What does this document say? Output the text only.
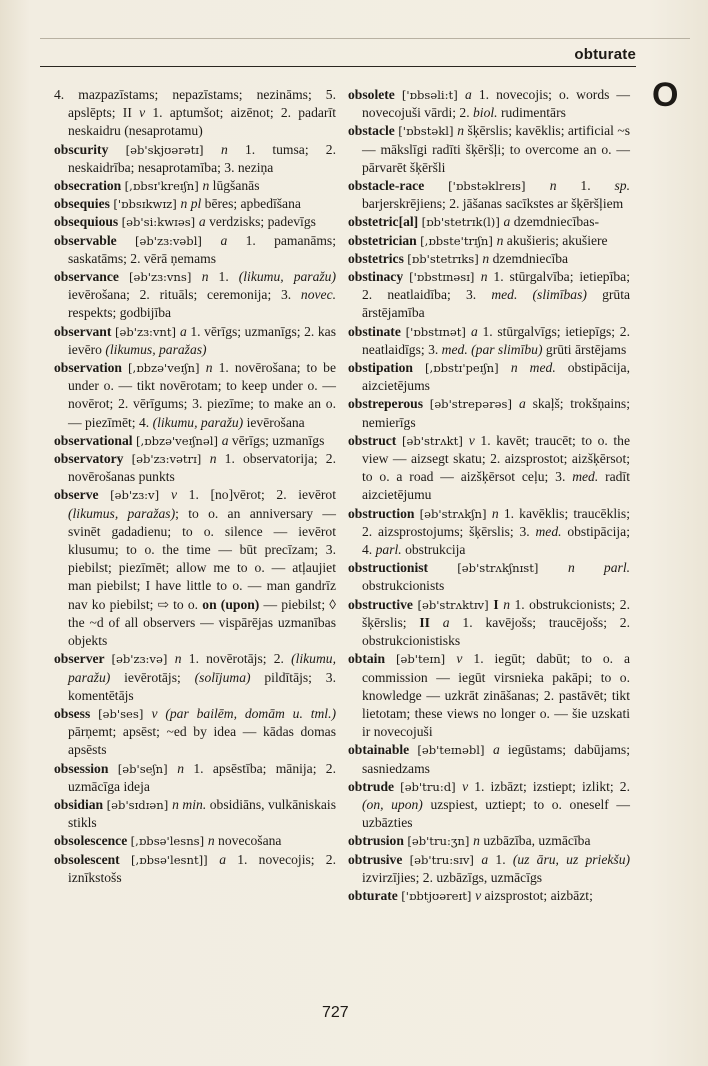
obturate
O

4. mazpazīstams; nepazīstams; nezināms; 5. apslēpts; II v 1. aptumšot; aizēnot; 2. padarīt neskaidru (nesaprotamu)

obscurity [əb'skjʊərətɪ] n 1. tumsa; 2. neskaidrība; nesaprotamība; 3. neziņa

obsecration [,ɒbsɪ'kreɪʃn] n lūgšanās

obsequies ['ɒbsɪkwɪz] n pl bēres; apbedīšana

obsequious [əb'si:kwɪəs] a verdzisks; padevīgs

observable [əb'zɜ:vəbl] a 1. pamanāms; saskatāms; 2. vērā ņemams

observance [əb'zɜ:vns] n 1. (likumu, paražu) ievērošana; 2. rituāls; ceremonija; 3. novec. respekts; godbijība

observant [əb'zɜ:vnt] a 1. vērīgs; uzmanīgs; 2. kas ievēro (likumus, paražas)

observation [,ɒbzə'veɪʃn] n 1. novērošana; to be under o. — tikt novērotam; to keep under o. — novērot; 2. vērīgums; 3. piezīme; to make an o. — piezīmēt; 4. (likumu, paražu) ievērošana

observational [,ɒbzə'veɪʃnəl] a vērīgs; uzmanīgs

observatory [əb'zɜ:vətrɪ] n 1. observatorija; 2. novērošanas punkts

observe [əb'zɜ:v] v 1. [no]vērot; 2. ievērot (likumus, paražas); to o. an anniversary — svinēt gadadienu; to o. silence — ievērot klusumu; to o. the time — būt precīzam; 3. piebilst; piezīmēt; allow me to o. — atļaujiet man piebilst; I have little to o. — man gandrīz nav ko piebilst; ⇨ to o. on (upon) — piebilst; ◊ the ~d of all observers — vispārējas uzmanības objekts

observer [əb'zɜ:və] n 1. novērotājs; 2. (likumu, paražu) ievērotājs; (solījuma) pildītājs; 3. komentētājs

obsess [əb'ses] v (par bailēm, domām u. tml.) pārņemt; apsēst; ~ed by idea — kādas domas apsēsts

obsession [əb'seʃn] n 1. apsēstība; mānija; 2. uzmācīga ideja

obsidian [əb'sɪdɪən] n min. obsidiāns, vulkāniskais stikls

obsolescence [,ɒbsə'lesns] n novecošana

obsolescent [,ɒbsə'lesnt]] a 1. novecojis; 2. iznīkstošs

obsolete ['ɒbsəli:t] a 1. novecojis; o. words — novecojuši vārdi; 2. biol. rudimentārs

obstacle ['ɒbstəkl] n šķērslis; kavēklis; artificial ~s — mākslīgi radīti šķēršļi; to overcome an o. — pārvarēt šķēršli

obstacle-race ['ɒbstəklreɪs] n 1. sp. barjerskrējiens; 2. jāšanas sacīkstes ar šķēršļiem

obstetric[al] [ɒb'stetrɪk(l)] a dzemdniecības-

obstetrician [,ɒbste'trɪʃn] n akušieris; akušiere

obstetrics [ɒb'stetrɪks] n dzemdniecība

obstinacy ['ɒbstɪnəsɪ] n 1. stūrgalvība; ietiepība; 2. neatlaidība; 3. med. (slimības) grūta ārstējamība

obstinate ['ɒbstɪnət] a 1. stūrgalvīgs; ietiepīgs; 2. neatlaidīgs; 3. med. (par slimību) grūti ārstējams

obstipation [,ɒbstɪ'peɪʃn] n med. obstipācija, aizcietējums

obstreperous [əb'strepərəs] a skaļš; trokšņains; nemierīgs

obstruct [əb'strʌkt] v 1. kavēt; traucēt; to o. the view — aizsegt skatu; 2. aizsprostot; aizšķērsot; to o. a road — aizšķērsot ceļu; 3. med. radīt aizcietējumu

obstruction [əb'strʌkʃn] n 1. kavēklis; traucēklis; 2. aizsprostojums; šķērslis; 3. med. obstipācija; 4. parl. obstrukcija

obstructionist [əb'strʌkʃnɪst] n parl. obstrukcionists

obstructive [əb'strʌktɪv] I n 1. obstrukcionists; 2. šķērslis; II a 1. kavējošs; traucējošs; 2. obstrukcionistisks

obtain [əb'teɪn] v 1. iegūt; dabūt; to o. a commission — iegūt virsnieka pakāpi; to o. knowledge — uzkrāt zināšanas; 2. pastāvēt; tikt lietotam; these views no longer o. — šie uzskati ir novecojuši

obtainable [əb'teɪnəbl] a iegūstams; dabūjams; sasniedzams

obtrude [əb'tru:d] v 1. izbāzt; izstiept; izlikt; 2. (on, upon) uzspiest, uztiept; to o. oneself — uzbāzties

obtrusion [əb'tru:ʒn] n uzbāzība, uzmācība

obtrusive [əb'tru:sɪv] a 1. (uz āru, uz priekšu) izvirzījies; 2. uzbāzīgs, uzmācīgs

obturate ['ɒbtjʊəreɪt] v aizsprostot; aizbāzt;

727
